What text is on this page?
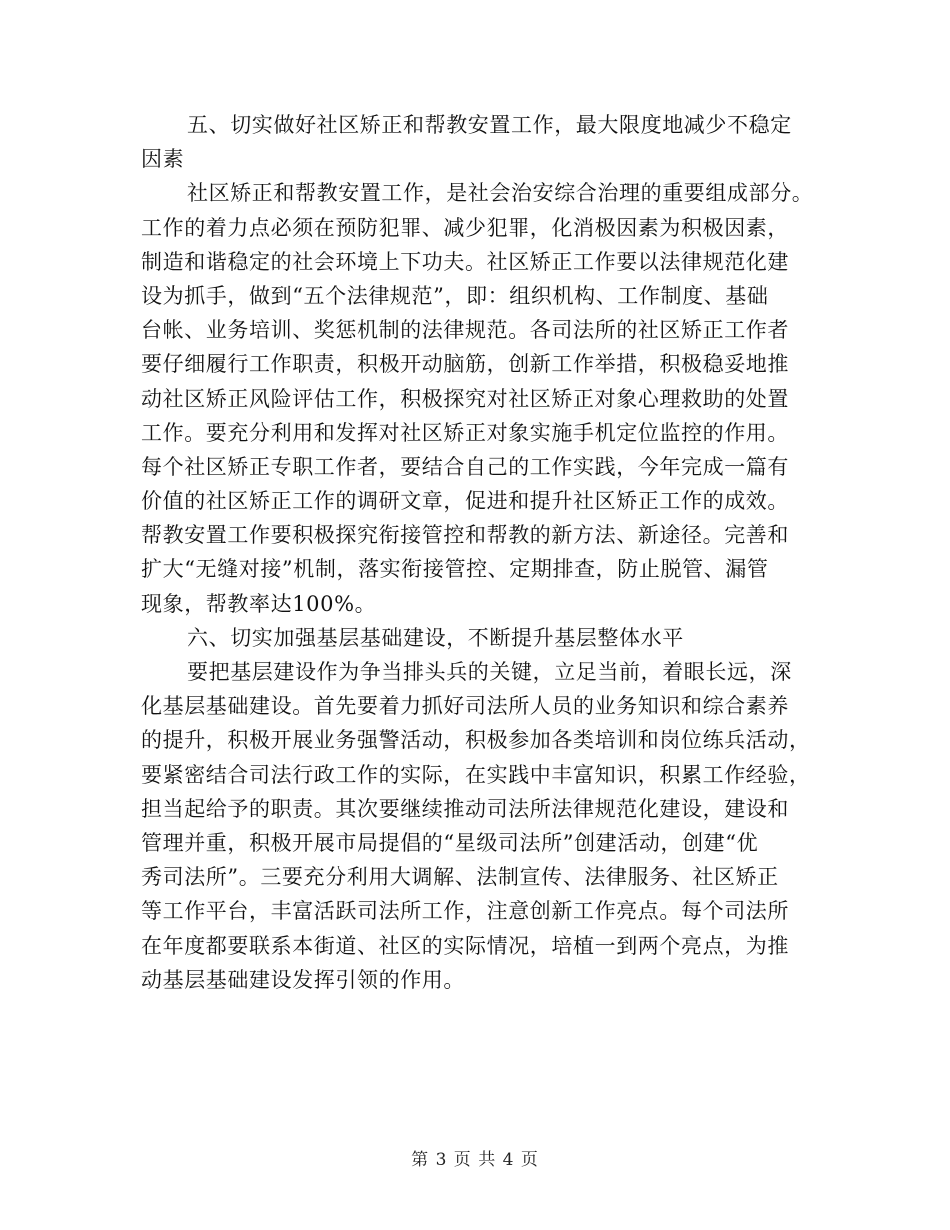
五、切实做好社区矫正和帮教安置工作，最大限度地减少不稳定
因素
社区矫正和帮教安置工作，是社会治安综合治理的重要组成部分。
工作的着力点必须在预防犯罪、减少犯罪，化消极因素为积极因素，
制造和谐稳定的社会环境上下功夫。社区矫正工作要以法律规范化建
设为抓手，做到“五个法律规范”，即：组织机构、工作制度、基础
台帐、业务培训、奖惩机制的法律规范。各司法所的社区矫正工作者
要仔细履行工作职责，积极开动脑筋，创新工作举措，积极稳妥地推
动社区矫正风险评估工作，积极探究对社区矫正对象心理救助的处置
工作。要充分利用和发挥对社区矫正对象实施手机定位监控的作用。
每个社区矫正专职工作者，要结合自己的工作实践，今年完成一篇有
价值的社区矫正工作的调研文章，促进和提升社区矫正工作的成效。
帮教安置工作要积极探究衔接管控和帮教的新方法、新途径。完善和
扩大“无缝对接”机制，落实衔接管控、定期排查，防止脱管、漏管
现象，帮教率达100%。
六、切实加强基层基础建设，不断提升基层整体水平
要把基层建设作为争当排头兵的关键，立足当前，着眼长远，深
化基层基础建设。首先要着力抓好司法所人员的业务知识和综合素养
的提升，积极开展业务强警活动，积极参加各类培训和岗位练兵活动，
要紧密结合司法行政工作的实际，在实践中丰富知识，积累工作经验，
担当起给予的职责。其次要继续推动司法所法律规范化建设，建设和
管理并重，积极开展市局提倡的“星级司法所”创建活动，创建“优
秀司法所”。三要充分利用大调解、法制宣传、法律服务、社区矫正
等工作平台，丰富活跃司法所工作，注意创新工作亮点。每个司法所
在年度都要联系本街道、社区的实际情况，培植一到两个亮点，为推
动基层基础建设发挥引领的作用。
第 3 页 共 4 页
